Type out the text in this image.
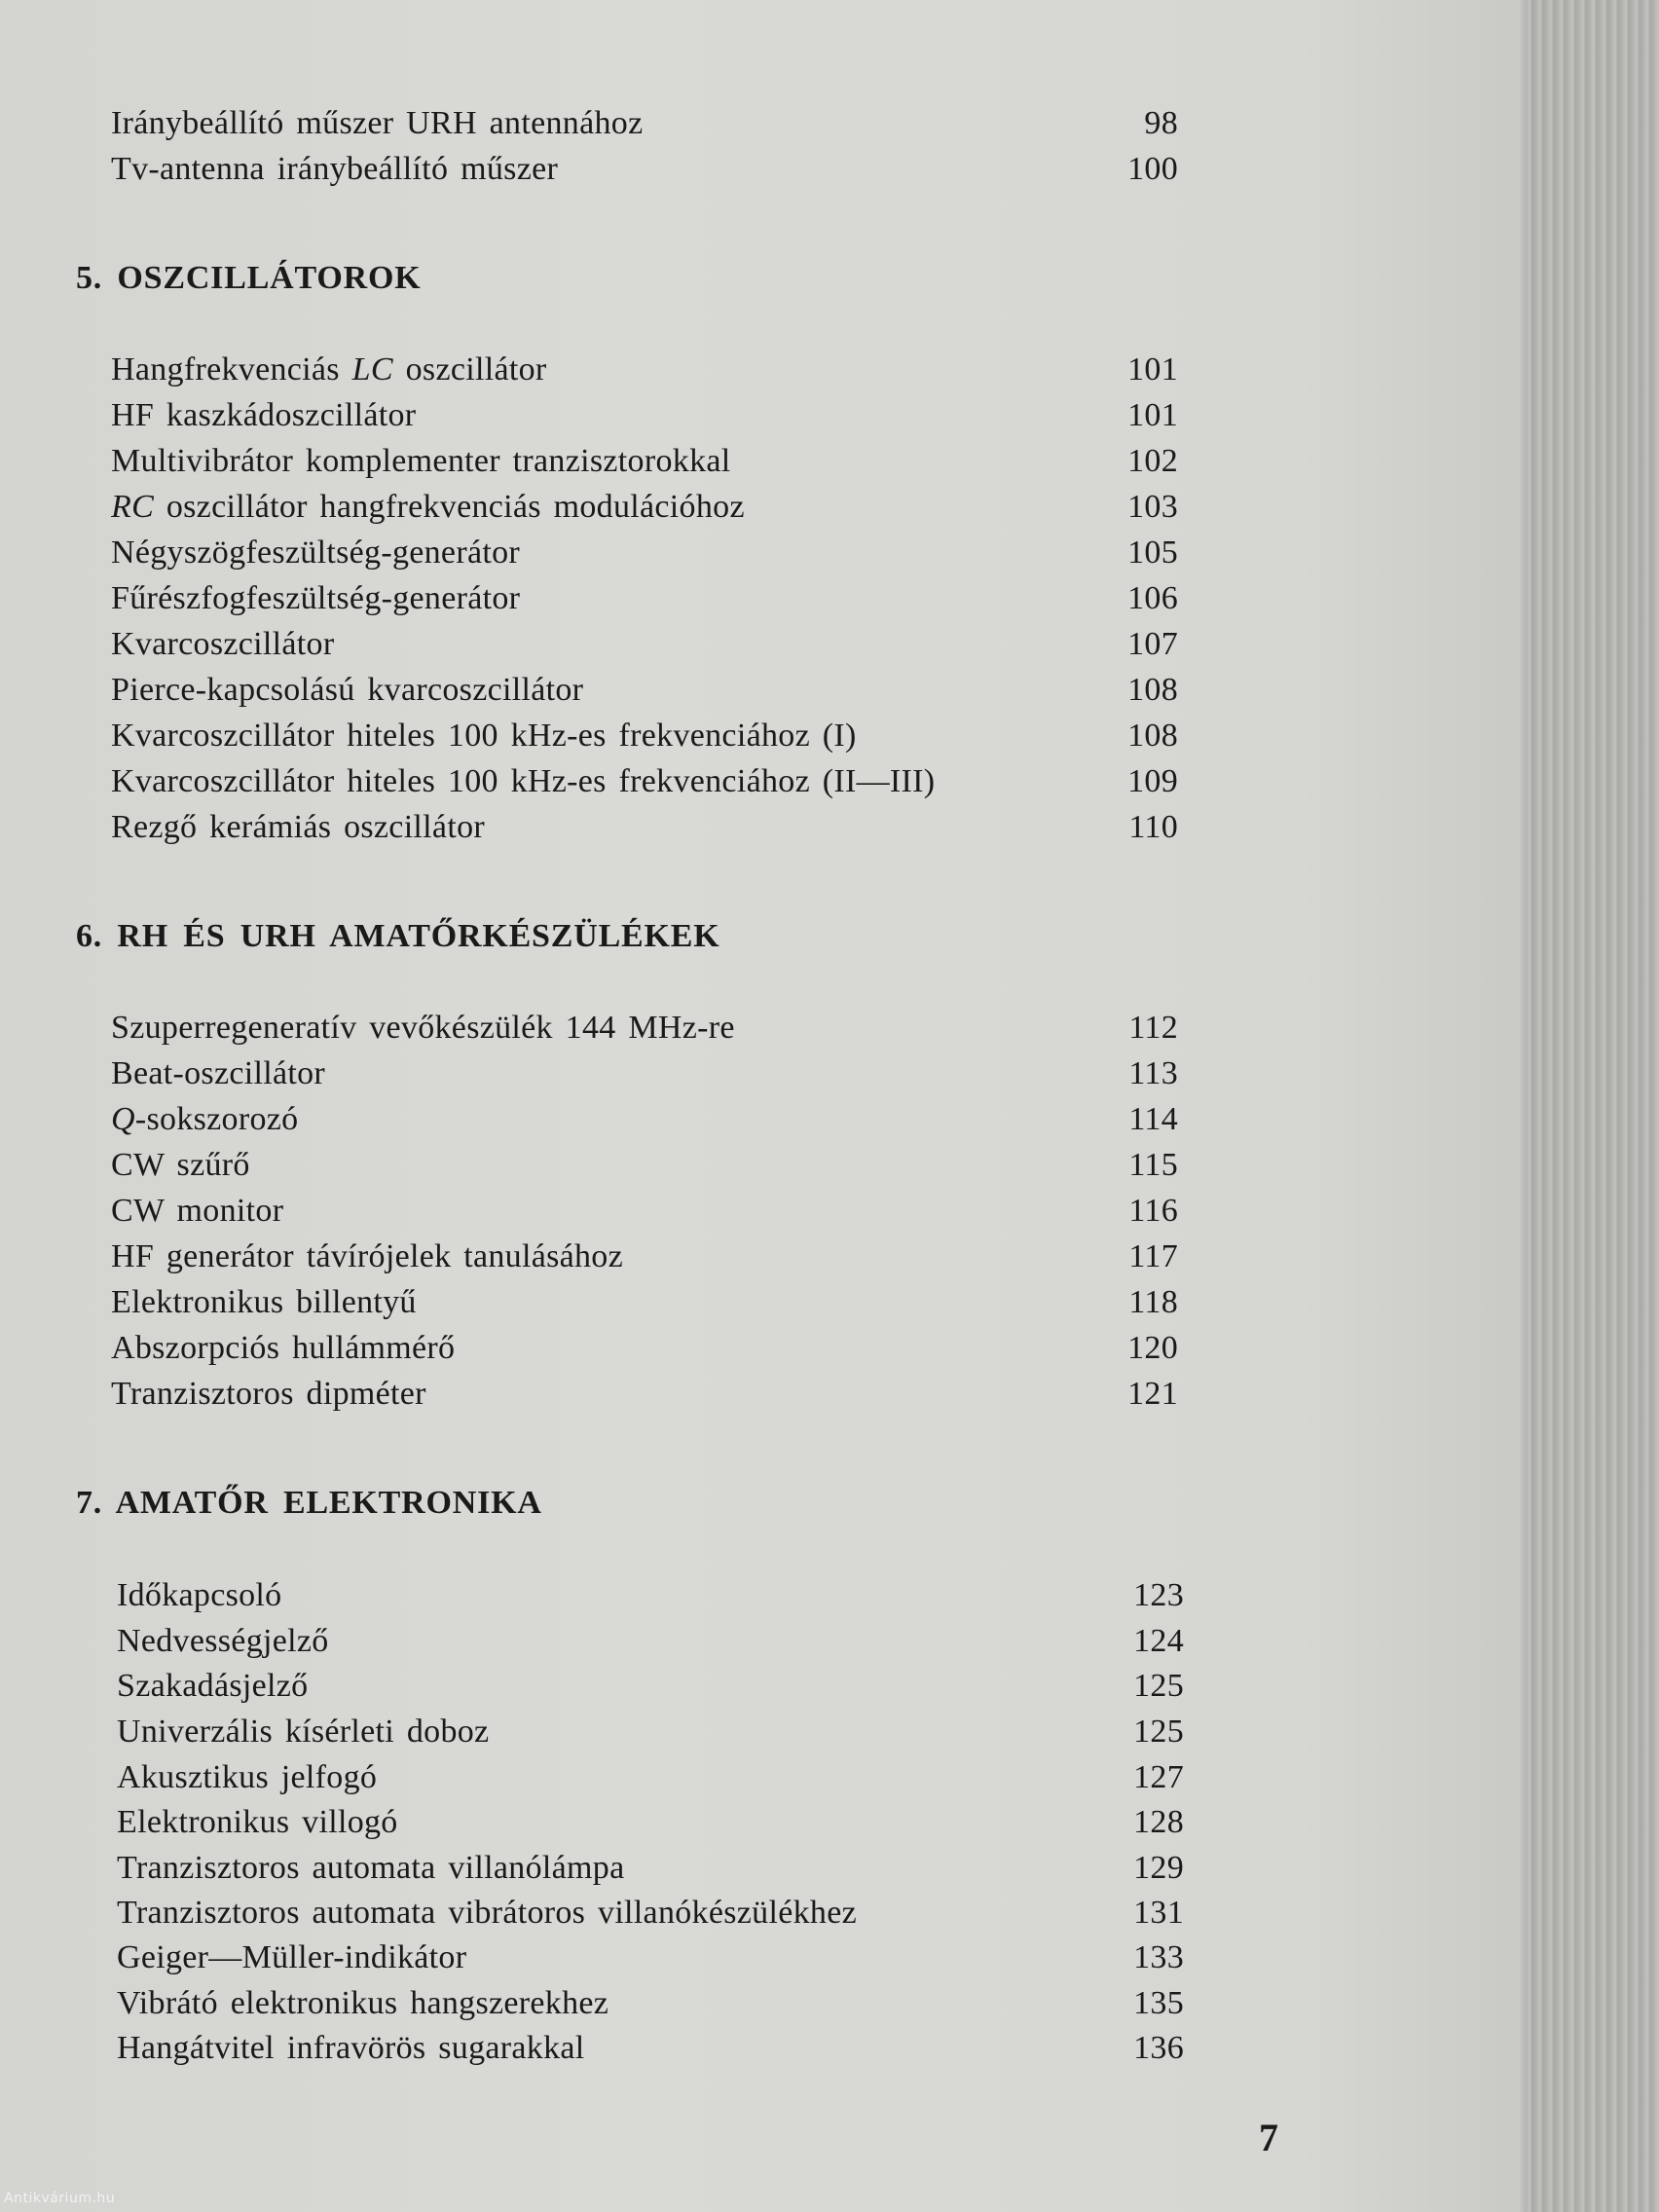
Iránybeállító műszer URH antennához	98
Tv-antenna iránybeállító műszer	100
5. OSZCILLÁTOROK
Hangfrekvenciás LC oszcillátor	101
HF kaszkádoszcillátor	101
Multivibrátor komplementer tranzisztorokkal	102
RC oszcillátor hangfrekvenciás modulációhoz	103
Négyszögfeszültség-generátor	105
Fűrészfogfeszültség-generátor	106
Kvarcoszcillátor	107
Pierce-kapcsolású kvarcoszcillátor	108
Kvarcoszcillátor hiteles 100 kHz-es frekvenciához (I)	108
Kvarcoszcillátor hiteles 100 kHz-es frekvenciához (II—III)	109
Rezgő kerámiás oszcillátor	110
6. RH ÉS URH AMATŐRKÉSZÜLÉKEK
Szuperregeneratív vevőkészülék 144 MHz-re	112
Beat-oszcillátor	113
Q-sokszorozó	114
CW szűrő	115
CW monitor	116
HF generátor távírójelek tanulásához	117
Elektronikus billentyű	118
Abszorpciós hullámmérő	120
Tranzisztoros dipméter	121
7. AMATŐR ELEKTRONIKA
Időkapcsoló	123
Nedvességjelző	124
Szakadásjelző	125
Univerzális kísérleti doboz	125
Akusztikus jelfogó	127
Elektronikus villogó	128
Tranzisztoros automata villanólámpa	129
Tranzisztoros automata vibrátoros villanókészülékhez	131
Geiger—Müller-indikátor	133
Vibrátó elektronikus hangszerekhez	135
Hangátvitel infravörös sugarakkal	136
7
Antikvárium.hu
